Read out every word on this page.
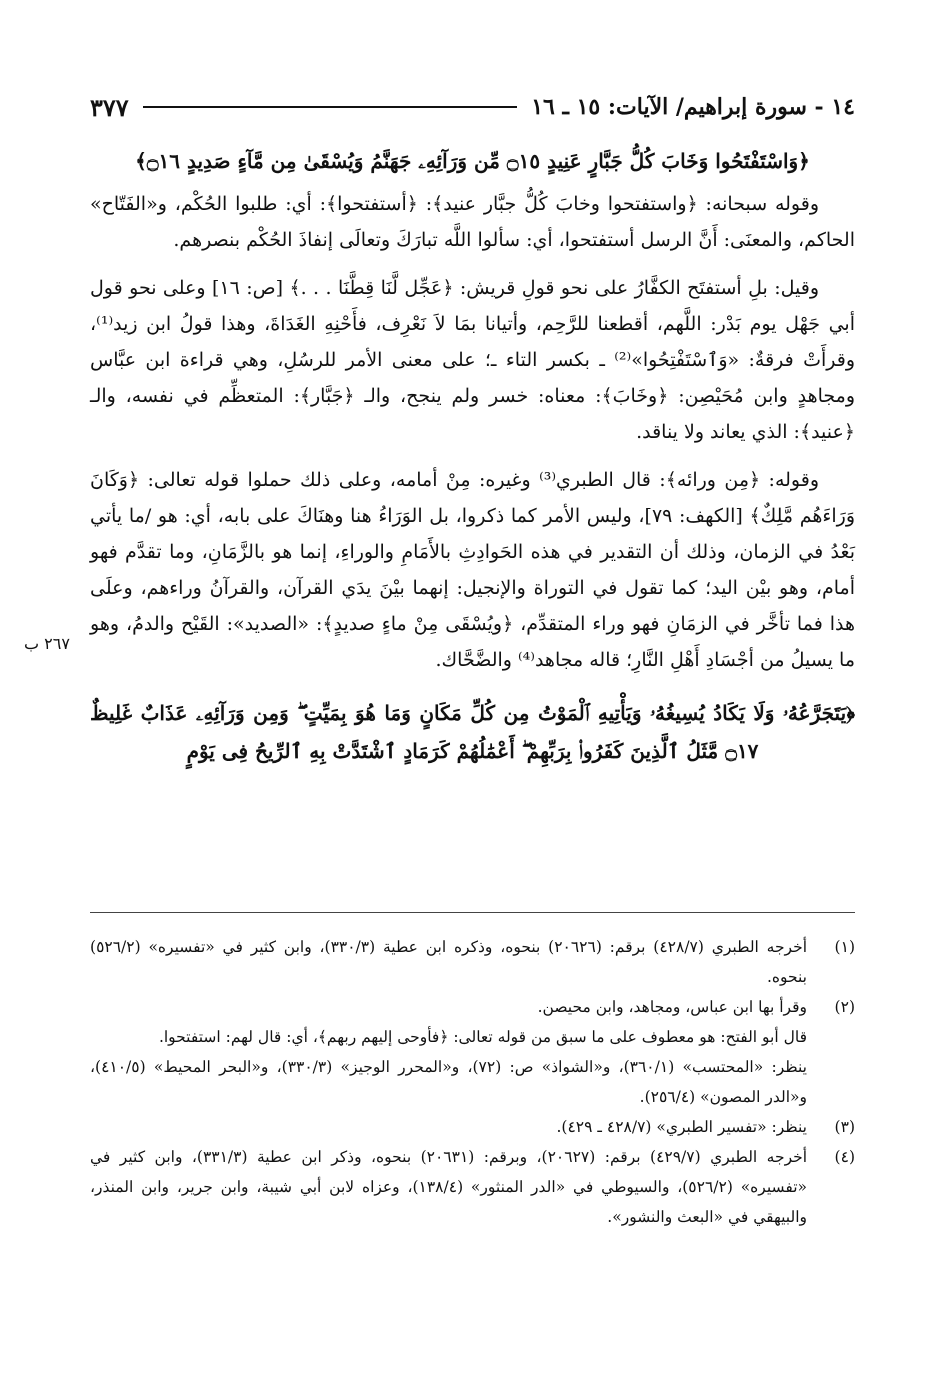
١٤ - سورة إبراهيم/ الآيات: ١٥ ـ ١٦
٣٧٧

﴿وَاسْتَفْتَحُوا وَخَابَ كُلُّ جَبَّارٍ عَنِيدٍ ۝١٥ مِّن وَرَآئِهِۦ جَهَنَّمُ وَيُسْقَىٰ مِن مَّآءٍ صَدِيدٍ ۝١٦﴾

وقوله سبحانه: ﴿واستفتحوا وخابَ كُلُّ جبَّار عنيد﴾: ﴿أستفتحوا﴾: أي: طلبوا الحُكْم، و«الفَتّاح» الحاكم، والمعنَى: أَنَّ الرسل أستفتحوا، أي: سألوا اللَّه تبارَكَ وتعالَى إنفاذَ الحُكْم بنصرهم.

وقيل: بلِ أستفتَح الكفَّارُ على نحو قولِ قريش: ﴿عَجِّل لَّنَا قِطَّنَا . . .﴾ [ص: ١٦] وعلى نحو قول أبي جَهْل يوم بَدْر: اللَّهم، أقطعنا للرَّحِم، وأتيانا بمَا لاَ نَعْرِف، فأَحْنِهِ الغَدَاةَ، وهذا قولُ ابن زيد⁽¹⁾، وقرأَتْ فرقةٌ: «وَٱسْتَفْتِحُوا»⁽²⁾ ـ بكسر التاء ـ؛ على معنى الأمر للرسُلِ، وهي قراءة ابن عبَّاس ومجاهدٍ وابن مُحَيْصِن: ﴿وخَابَ﴾: معناه: خسر ولم ينجح، والـ ﴿جَبَّار﴾: المتعظِّم في نفسه، والـ ﴿عنيد﴾: الذي يعاند ولا يناقد.

وقوله: ﴿مِن ورائه﴾: قال الطبري⁽³⁾ وغيره: مِنْ أمامه، وعلى ذلك حملوا قوله تعالى: ﴿وَكَانَ وَرَاءَهُم مَّلِكٌ﴾ [الكهف: ٧٩]، وليس الأمر كما ذكروا، بل الوَرَاءُ هنا وهنَاكَ على بابه، أي: هو /ما يأتي بَعْدُ في الزمان، وذلك أن التقدير في هذه الحَوادِثِ بالأَمَامِ والوراءِ، إنما هو بالزَّمَانِ، وما تقدَّم فهو أمام، وهو بيْن اليد؛ كما تقول في التوراة والإنجيل: إنهما بيْنَ يدَي القرآن، والقرآنُ وراءهم، وعلَى هذا فما تأخَّر في الزمَانِ فهو وراء المتقدِّم، ﴿ويُسْقَى مِنْ ماءٍ صديدٍ﴾: «الصديد»: القَيْح والدمُ، وهو ما يسيلُ من أجْسَادِ أَهْلِ النَّارِ؛ قاله مجاهد⁽⁴⁾ والضَّحَّاك.

﴿يَتَجَرَّعُهُۥ وَلَا يَكَادُ يُسِيغُهُۥ وَيَأْتِيهِ ٱلْمَوْتُ مِن كُلِّ مَكَانٍ وَمَا هُوَ بِمَيِّتٍ ۖ وَمِن وَرَآئِهِۦ عَذَابٌ غَلِيظٌ ۝١٧ مَّثَلُ ٱلَّذِينَ كَفَرُوا۟ بِرَبِّهِمْ ۖ أَعْمَٰلُهُمْ كَرَمَادٍ ٱشْتَدَّتْ بِهِ ٱلرِّيحُ فِى يَوْمٍ

٢٦٧ ب
(١)
أخرجه الطبري (٤٢٨/٧) برقم: (٢٠٦٢٦) بنحوه، وذكره ابن عطية (٣٣٠/٣)، وابن كثير في «تفسيره» (٥٢٦/٢) بنحوه.
(٢)
وقرأ بها ابن عباس، ومجاهد، وابن محيصن.
قال أبو الفتح: هو معطوف على ما سبق من قوله تعالى: ﴿فأوحى إليهم ربهم﴾، أي: قال لهم: استفتحوا.
ينظر: «المحتسب» (٣٦٠/١)، و«الشواذ» ص: (٧٢)، و«المحرر الوجيز» (٣٣٠/٣)، و«البحر المحيط» (٤١٠/٥)، و«الدر المصون» (٢٥٦/٤).
(٣)
ينظر: «تفسير الطبري» (٤٢٨/٧ ـ ٤٢٩).
(٤)
أخرجه الطبري (٤٢٩/٧) برقم: (٢٠٦٢٧)، وبرقم: (٢٠٦٣١) بنحوه، وذكر ابن عطية (٣٣١/٣)، وابن كثير في «تفسيره» (٥٢٦/٢)، والسيوطي في «الدر المنثور» (١٣٨/٤)، وعزاه لابن أبي شيبة، وابن جرير، وابن المنذر، والبيهقي في «البعث والنشور».
